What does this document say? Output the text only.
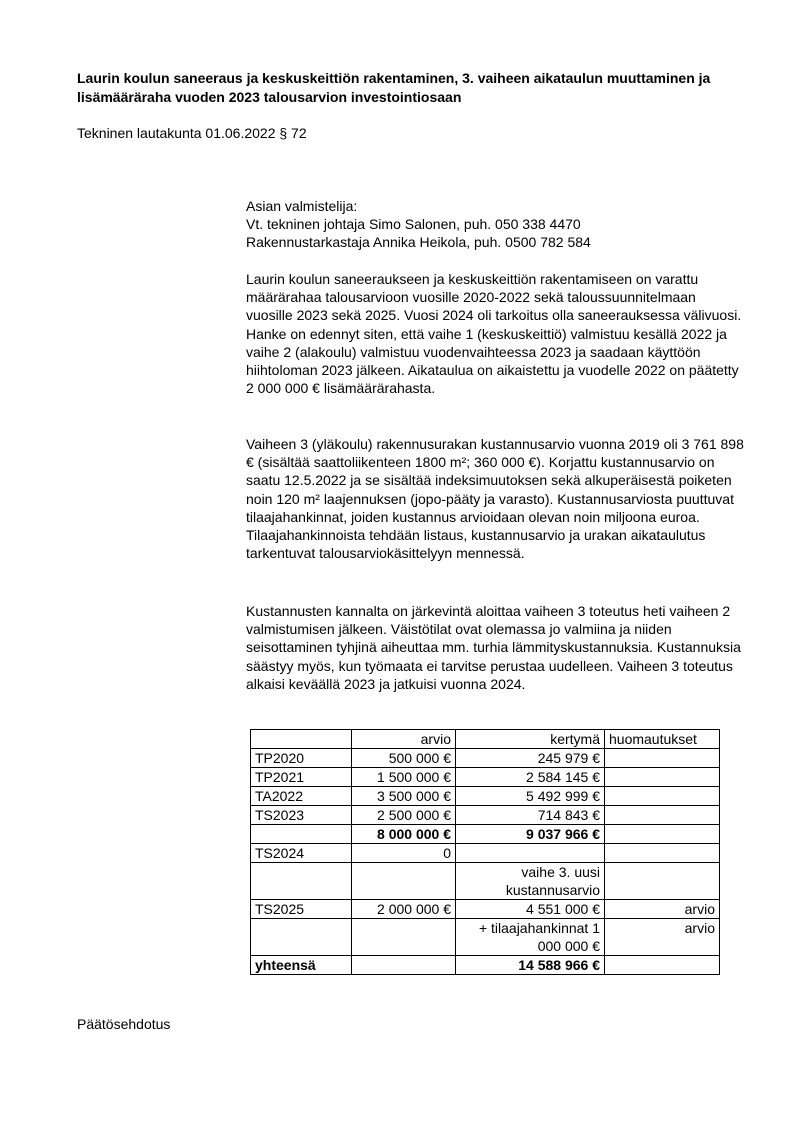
Laurin koulun saneeraus ja keskuskeittiön rakentaminen, 3. vaiheen aikataulun muuttaminen ja lisämääräraha vuoden 2023 talousarvion investointiosaan
Tekninen lautakunta 01.06.2022 § 72

Asian valmistelija:

Vt. tekninen johtaja Simo Salonen, puh. 050 338 4470

Rakennustarkastaja Annika Heikola, puh. 0500 782 584

Laurin koulun saneeraukseen ja keskuskeittiön rakentamiseen on varattu määrärahaa talousarvioon vuosille 2020-2022 sekä taloussuunnitelmaan vuosille 2023 sekä 2025. Vuosi 2024 oli tarkoitus olla saneerauksessa välivuosi. Hanke on edennyt siten, että vaihe 1 (keskuskeittiö) valmistuu kesällä 2022 ja vaihe 2 (alakoulu) valmistuu vuodenvaihteessa 2023 ja saadaan käyttöön hiihtoloman 2023 jälkeen. Aikataulua on aikaistettu ja vuodelle 2022 on päätetty 2 000 000 € lisämäärärahasta.

Vaiheen 3 (yläkoulu) rakennusurakan kustannusarvio vuonna 2019 oli 3 761 898 € (sisältää saattoliikenteen 1800 m²; 360 000 €). Korjattu kustannusarvio on saatu 12.5.2022 ja se sisältää indeksimuutoksen sekä alkuperäisestä poiketen noin 120 m² laajennuksen (jopo-pääty ja varasto). Kustannusarviosta puuttuvat tilaajahankinnat, joiden kustannus arvioidaan olevan noin miljoona euroa. Tilaajahankinnoista tehdään listaus, kustannusarvio ja urakan aikataulutus tarkentuvat talousarviokäsittelyyn mennessä.

Kustannusten kannalta on järkevintä aloittaa vaiheen 3 toteutus heti vaiheen 2 valmistumisen jälkeen. Väistötilat ovat olemassa jo valmiina ja niiden seisottaminen tyhjinä aiheuttaa mm. turhia lämmityskustannuksia. Kustannuksia säästyy myös, kun työmaata ei tarvitse perustaa uudelleen. Vaiheen 3 toteutus alkaisi keväällä 2023 ja jatkuisi vuonna 2024.

	arvio	kertymä	huomautukset
TP2020	500 000 €	245 979 €	
TP2021	1 500 000 €	2 584 145 €	
TA2022	3 500 000 €	5 492 999 €	
TS2023	2 500 000 €	714 843 €	
	8 000 000 €	9 037 966 €	
TS2024	0		
		vaihe 3. uusi kustannusarvio	
TS2025	2 000 000 €	4 551 000 €	arvio
		+ tilaajahankinnat 1 000 000 €	arvio
yhteensä		14 588 966 €	
Päätösehdotus
